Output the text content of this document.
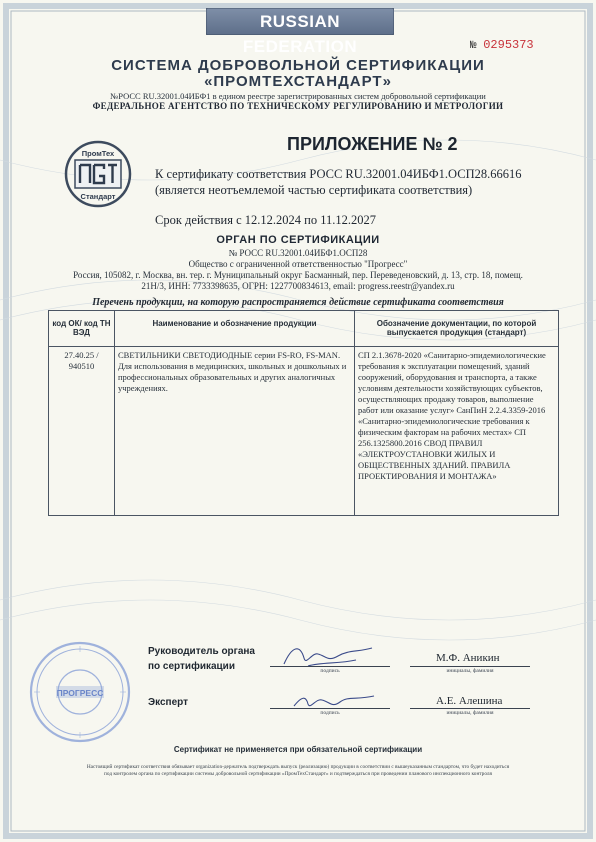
RUSSIAN FEDERATION	№ 0295373
СИСТЕМА ДОБРОВОЛЬНОЙ СЕРТИФИКАЦИИ
«ПРОМТЕХСТАНДАРТ»
№РОСС RU.32001.04ИБФ1 в едином реестре зарегистрированных систем добровольной сертификации
ФЕДЕРАЛЬНОЕ АГЕНТСТВО ПО ТЕХНИЧЕСКОМУ РЕГУЛИРОВАНИЮ И МЕТРОЛОГИИ
ПромТех
Стандарт
ПРИЛОЖЕНИЕ № 2
К сертификату соответствия РОСС RU.32001.04ИБФ1.ОСП28.66616
(является неотъемлемой частью сертификата соответствия)
Срок действия с 12.12.2024 по 11.12.2027
ОРГАН ПО СЕРТИФИКАЦИИ
№ РОСС RU.32001.04ИБФ1.ОСП28
Общество с ограниченной ответственностью "Прогресс"
Россия, 105082, г. Москва, вн. тер. г. Муниципальный округ Басманный, пер. Переведеновский, д. 13, стр. 18, помещ.
21Н/3, ИНН: 7733398635, ОГРН: 1227700834613, email: progress.reestr@yandex.ru
Перечень продукции, на которую распространяется действие сертификата соответствия
код ОК/ код ТН ВЭД	Наименование и обозначение продукции	Обозначение документации, по которой выпускается продукция (стандарт)
27.40.25 / 940510	СВЕТИЛЬНИКИ СВЕТОДИОДНЫЕ серии FS-RO, FS-MAN. Для использования в медицинских, школьных и дошкольных и профессиональных образовательных и других аналогичных учреждениях.	СП 2.1.3678-2020 «Санитарно-эпидемиологические требования к эксплуатации помещений, зданий сооружений, оборудования и транспорта, а также условиям деятельности хозяйствующих субъектов, осуществляющих продажу товаров, выполнение работ или оказание услуг» СанПиН 2.2.4.3359-2016 «Санитарно-эпидемиологические требования к физическим факторам на рабочих местах» СП 256.1325800.2016 СВОД ПРАВИЛ «ЭЛЕКТРОУСТАНОВКИ ЖИЛЫХ И ОБЩЕСТВЕННЫХ ЗДАНИЙ. ПРАВИЛА ПРОЕКТИРОВАНИЯ И МОНТАЖА»
ПРОГРЕСС
Руководитель органа
по сертификации	подпись
М.Ф. Аникин
инициалы, фамилия
Эксперт
подпись
А.Е. Алешина
инициалы, фамилия
Сертификат не применяется при обязательной сертификации
Настоящий сертификат соответствия обязывает organization-держатель подтверждать выпуск (реализацию) продукции в соответствии с вышеуказанным стандартом, что будет находиться
под контролем органа по сертификации системы добровольной сертификации «ПромТехСтандарт» и подтверждаться при проведении планового инспекционного контроля
